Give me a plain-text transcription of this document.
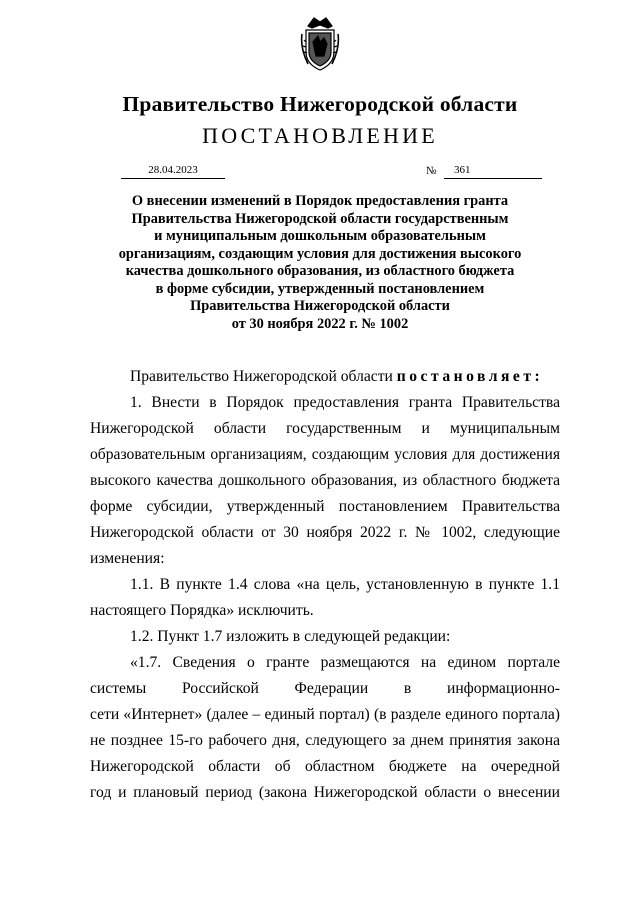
Правительство Нижегородской области
ПОСТАНОВЛЕНИЕ
28.04.2023	№	361
О внесении изменений в Порядок предоставления гранта
Правительства Нижегородской области государственным
и муниципальным дошкольным образовательным
организациям, создающим условия для достижения высокого
качества дошкольного образования, из областного бюджета
в форме субсидии, утвержденный постановлением
Правительства Нижегородской области
от 30 ноября 2022 г. № 1002
Правительство Нижегородской области постановляет:
1. Внести в Порядок предоставления гранта Правительства
Нижегородской области государственным и муниципальным
образовательным организациям, создающим условия для достижения
высокого качества дошкольного образования, из областного бюджета
форме субсидии, утвержденный постановлением Правительства
Нижегородской области от 30 ноября 2022 г. № 1002, следующие
изменения:
1.1. В пункте 1.4 слова «на цель, установленную в пункте 1.1
настоящего Порядка» исключить.
1.2. Пункт 1.7 изложить в следующей редакции:
«1.7. Сведения о гранте размещаются на едином портале
системы Российской Федерации в информационно-
сети «Интернет» (далее – единый портал) (в разделе единого портала)
не позднее 15-го рабочего дня, следующего за днем принятия закона
Нижегородской области об областном бюджете на очередной
год и плановый период (закона Нижегородской области о внесении
